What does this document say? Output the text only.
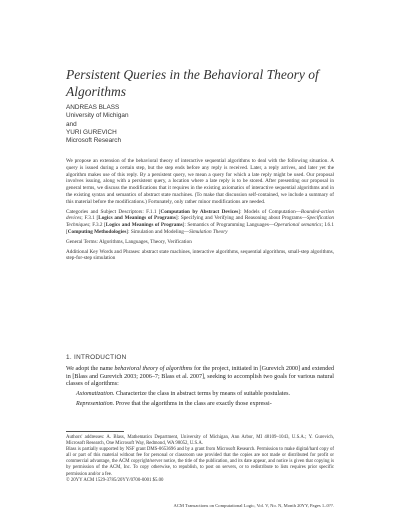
Persistent Queries in the Behavioral Theory of Algorithms
ANDREAS BLASS
University of Michigan
and
YURI GUREVICH
Microsoft Research

We propose an extension of the behavioral theory of interactive sequential algorithms to deal with the following situation. A query is issued during a certain step, but the step ends before any reply is received. Later, a reply arrives, and later yet the algorithm makes use of this reply. By a persistent query, we mean a query for which a late reply might be used. Our proposal involves issuing, along with a persistent query, a location where a late reply is to be stored. After presenting our proposal in general terms, we discuss the modifications that it requires in the existing axiomatics of interactive sequential algorithms and in the existing syntax and semantics of abstract state machines. (To make that discussion self-contained, we include a summary of this material before the modifications.) Fortunately, only rather minor modifications are needed.

Categories and Subject Descriptors: F.1.1 [Computation by Abstract Devices]: Models of Computation—Bounded-action devices; F.3.1 [Logics and Meanings of Programs]: Specifying and Verifying and Reasoning about Programs—Specification Techniques; F.3.2 [Logics and Meanings of Programs]: Semantics of Programming Languages—Operational semantics; I.6.1 [Computing Methodologies]: Simulation and Modeling—Simulation Theory

General Terms: Algorithms, Languages, Theory, Verification

Additional Key Words and Phrases: abstract state machines, interactive algorithms, sequential algorithms, small-step algorithms, step-for-step simulation

1. INTRODUCTION

We adopt the name behavioral theory of algorithms for the project, initiated in [Gurevich 2000] and extended in [Blass and Gurevich 2003; 2006–7; Blass et al. 2007], seeking to accomplish two goals for various natural classes of algorithms:

Axiomatization. Characterize the class in abstract terms by means of suitable postulates.

Representation. Prove that the algorithms in the class are exactly those expressi-

Authors' addresses: A. Blass, Mathematics Department, University of Michigan, Ann Arbor, MI 48109–1043, U.S.A.; Y. Gurevich, Microsoft Research, One Microsoft Way, Redmond, WA 98052, U.S.A.

Blass is partially supported by NSF grant DMS-0653696 and by a grant from Microsoft Research. Permission to make digital/hard copy of all or part of this material without fee for personal or classroom use provided that the copies are not made or distributed for profit or commercial advantage, the ACM copyright/server notice, the title of the publication, and its date appear, and notice is given that copying is by permission of the ACM, Inc. To copy otherwise, to republish, to post on servers, or to redistribute to lists requires prior specific permission and/or a fee.

© 20YY ACM 1529-3785/20YY/0700-0001 $5.00

ACM Transactions on Computational Logic, Vol. V, No. N, Month 20YY, Pages 1–0??.
